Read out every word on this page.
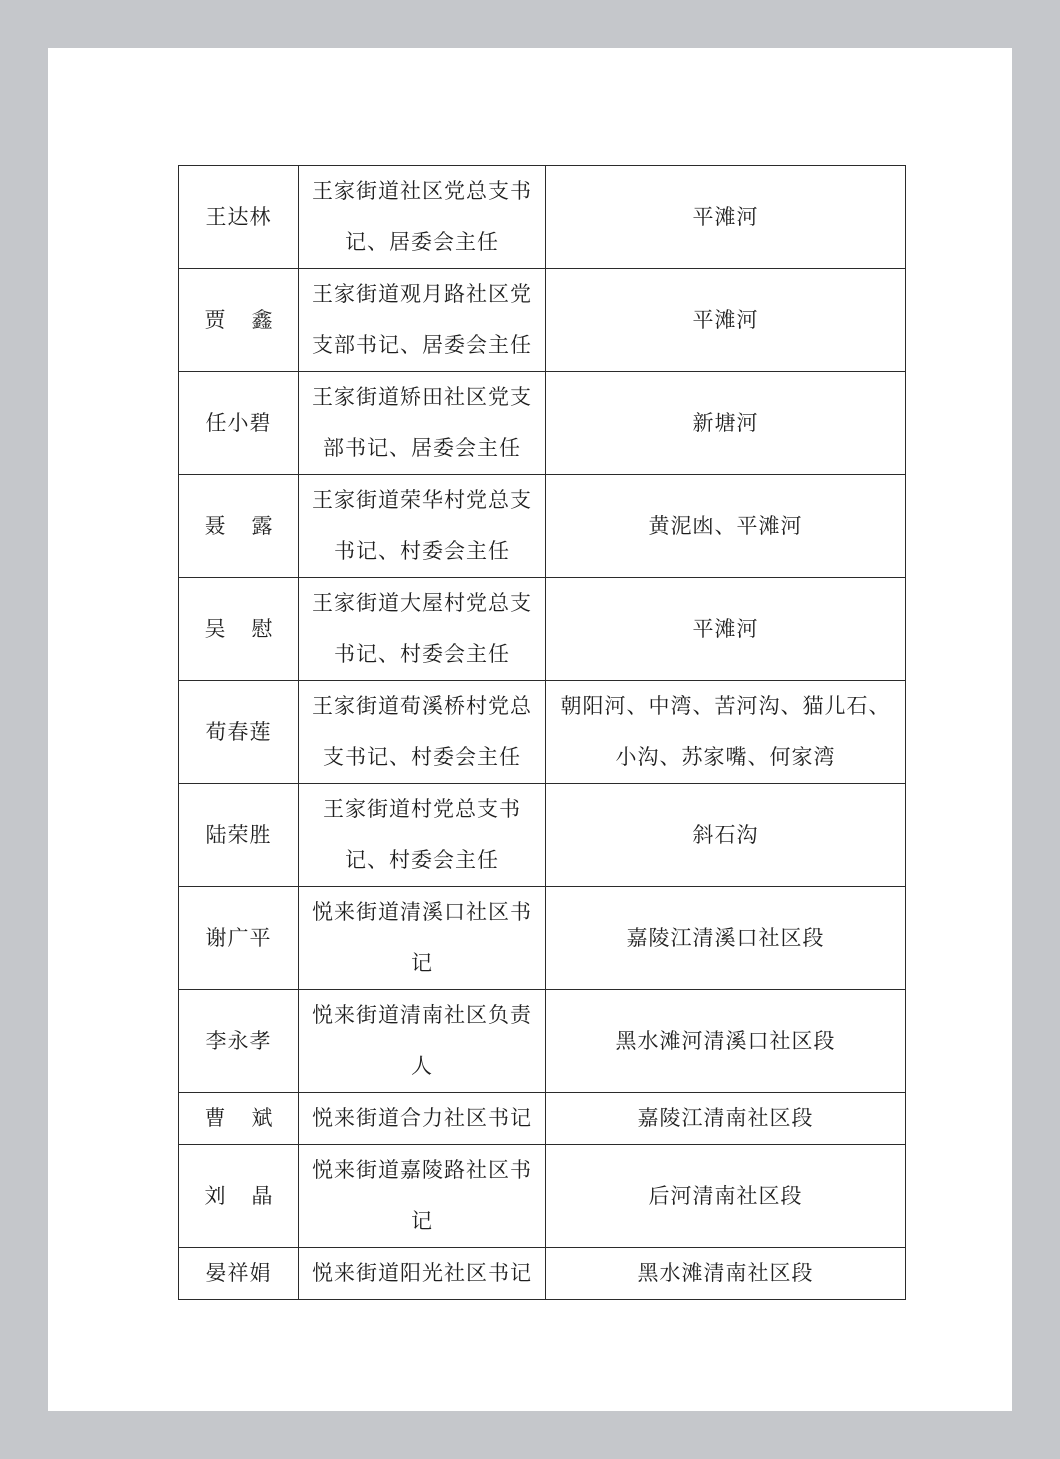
王达林	王家街道社区党总支书记、居委会主任	平滩河
贾鑫	王家街道观月路社区党支部书记、居委会主任	平滩河
任小碧	王家街道矫田社区党支部书记、居委会主任	新塘河
聂露	王家街道荣华村党总支书记、村委会主任	黄泥凼、平滩河
吴慰	王家街道大屋村党总支书记、村委会主任	平滩河
荀春莲	王家街道荀溪桥村党总支书记、村委会主任	朝阳河、中湾、苦河沟、猫儿石、小沟、苏家嘴、何家湾
陆荣胜	王家街道村党总支书记、村委会主任	斜石沟
谢广平	悦来街道清溪口社区书记	嘉陵江清溪口社区段
李永孝	悦来街道清南社区负责人	黑水滩河清溪口社区段
曹斌	悦来街道合力社区书记	嘉陵江清南社区段
刘晶	悦来街道嘉陵路社区书记	后河清南社区段
晏祥娟	悦来街道阳光社区书记	黑水滩清南社区段
